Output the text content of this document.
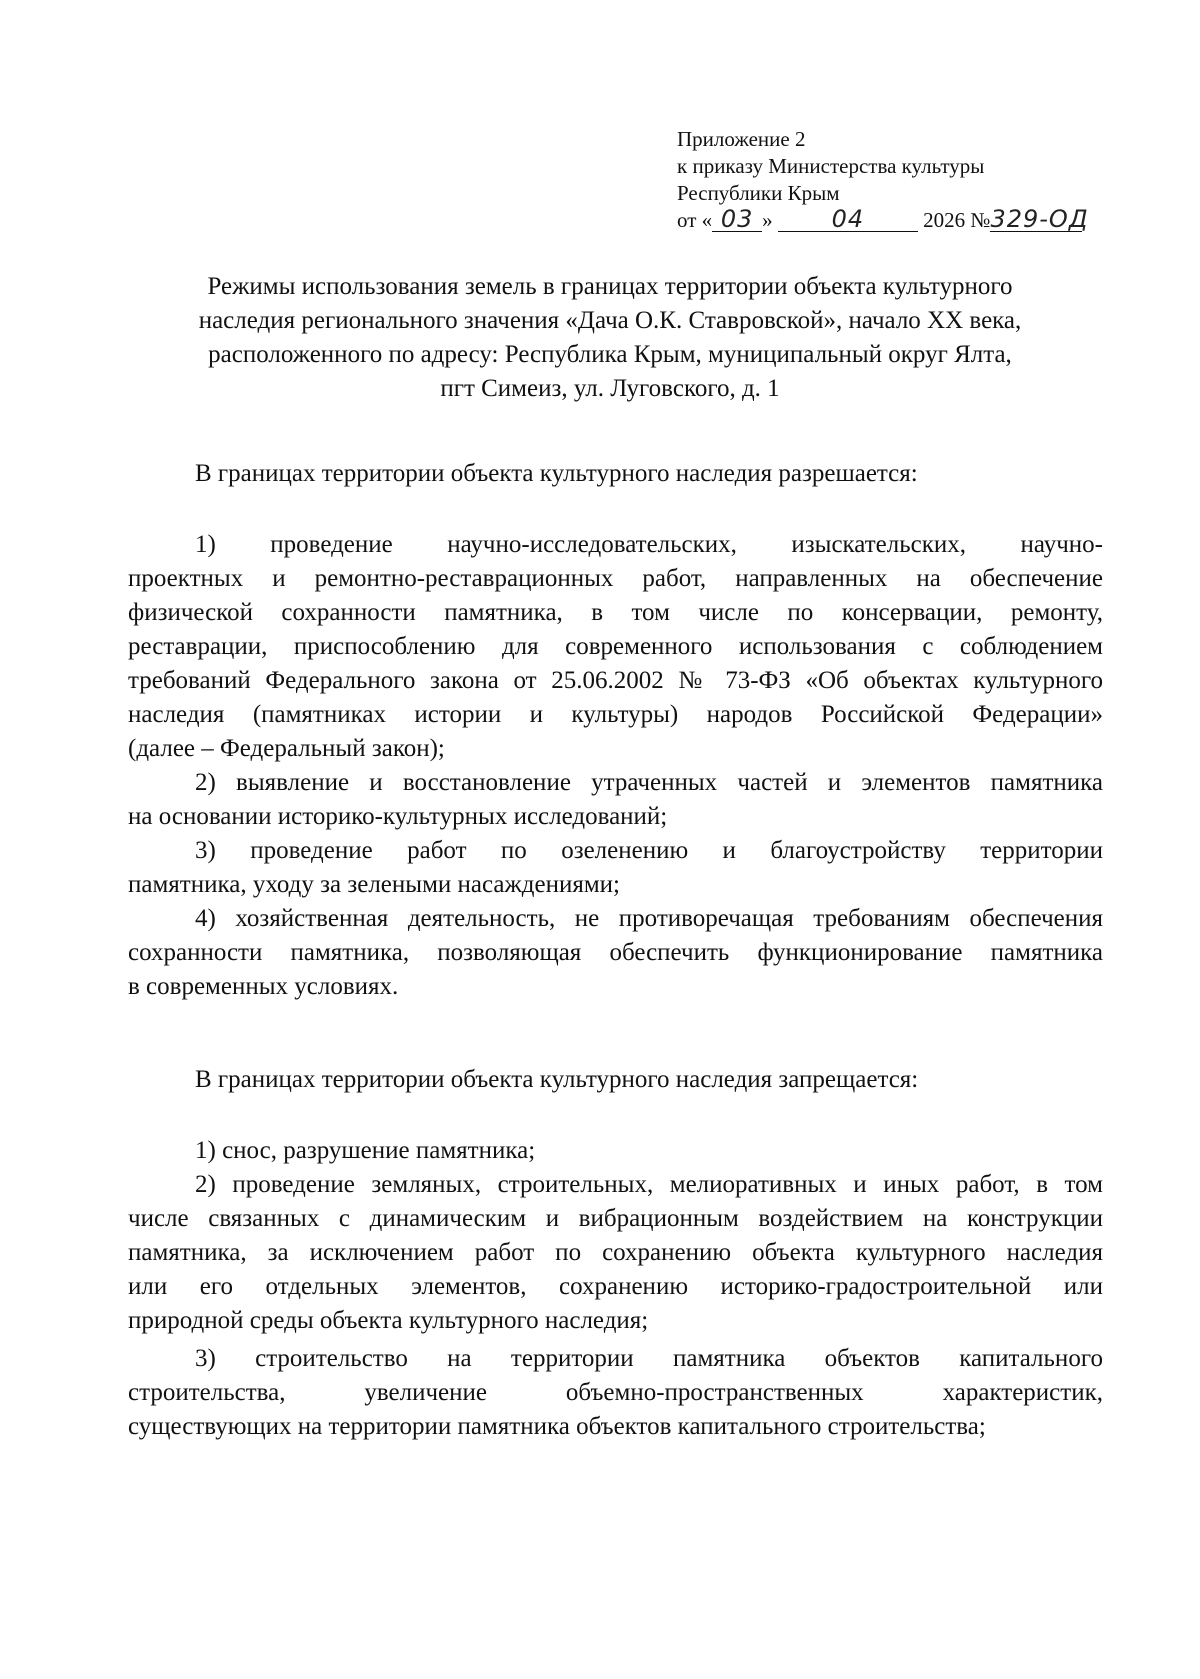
Приложение 2
к приказу Министерства культуры
Республики Крым
от « 03 » 04	2026 №329-ОД
Режимы использования земель в границах территории объекта культурного
наследия регионального значения «Дача О.К. Ставровской», начало XX века,
расположенного по адресу: Республика Крым, муниципальный округ Ялта,
пгт Симеиз, ул. Луговского, д. 1
В границах территории объекта культурного наследия разрешается:
1) проведение научно-исследовательских, изыскательских, научно-
проектных и ремонтно-реставрационных работ, направленных на обеспечение
физической сохранности памятника, в том числе по консервации, ремонту,
реставрации, приспособлению для современного использования с соблюдением
требований Федерального закона от 25.06.2002 № 73-ФЗ «Об объектах культурного
наследия (памятниках истории и культуры) народов Российской Федерации»
(далее – Федеральный закон);
2) выявление и восстановление утраченных частей и элементов памятника
на основании историко-культурных исследований;
3) проведение работ по озеленению и благоустройству территории
памятника, уходу за зелеными насаждениями;
4) хозяйственная деятельность, не противоречащая требованиям обеспечения
сохранности памятника, позволяющая обеспечить функционирование памятника
в современных условиях.
В границах территории объекта культурного наследия запрещается:
1) снос, разрушение памятника;
2) проведение земляных, строительных, мелиоративных и иных работ, в том
числе связанных с динамическим и вибрационным воздействием на конструкции
памятника, за исключением работ по сохранению объекта культурного наследия
или его отдельных элементов, сохранению историко-градостроительной или
природной среды объекта культурного наследия;
3) строительство на территории памятника объектов капитального
строительства,	увеличение	объемно-пространственных	характеристик,
существующих на территории памятника объектов капитального строительства;
